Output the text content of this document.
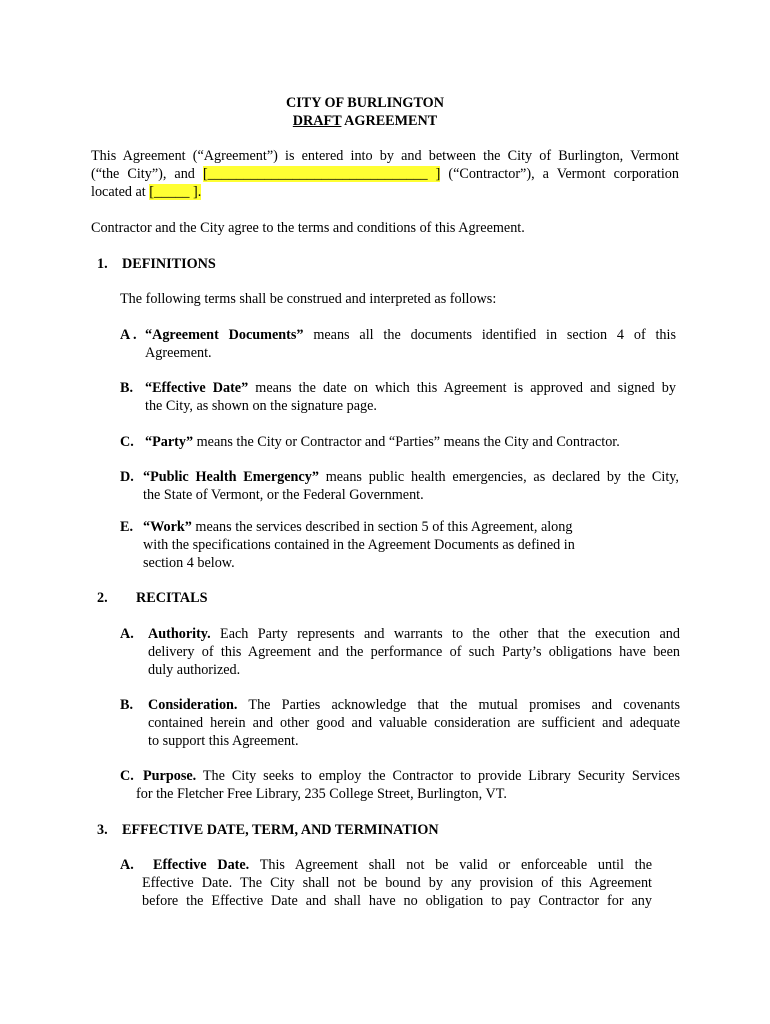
CITY OF BURLINGTON
DRAFT AGREEMENT
This Agreement (“Agreement”) is entered into by and between the City of Burlington, Vermont
(“the City”), and [_______________________________ ] (“Contractor”), a Vermont corporation
located at [_____ ].
Contractor and the City agree to the terms and conditions of this Agreement.
1. DEFINITIONS
The following terms shall be construed and interpreted as follows:
A . “Agreement Documents” means all the documents identified in section 4 of this
Agreement.
B. “Effective Date” means the date on which this Agreement is approved and signed by
the City, as shown on the signature page.
C. “Party” means the City or Contractor and “Parties” means the City and Contractor.
D. “Public Health Emergency” means public health emergencies, as declared by the City,
the State of Vermont, or the Federal Government.
E. “Work” means the services described in section 5 of this Agreement, along
with the specifications contained in the Agreement Documents as defined in
section 4 below.
2. RECITALS
A. Authority. Each Party represents and warrants to the other that the execution and
delivery of this Agreement and the performance of such Party’s obligations have been
duly authorized.
B. Consideration. The Parties acknowledge that the mutual promises and covenants
contained herein and other good and valuable consideration are sufficient and adequate
to support this Agreement.
C. Purpose. The City seeks to employ the Contractor to provide Library Security Services
for the Fletcher Free Library, 235 College Street, Burlington, VT.
3. EFFECTIVE DATE, TERM, AND TERMINATION
A. Effective Date. This Agreement shall not be valid or enforceable until the
Effective Date. The City shall not be bound by any provision of this Agreement
before the Effective Date and shall have no obligation to pay Contractor for any
